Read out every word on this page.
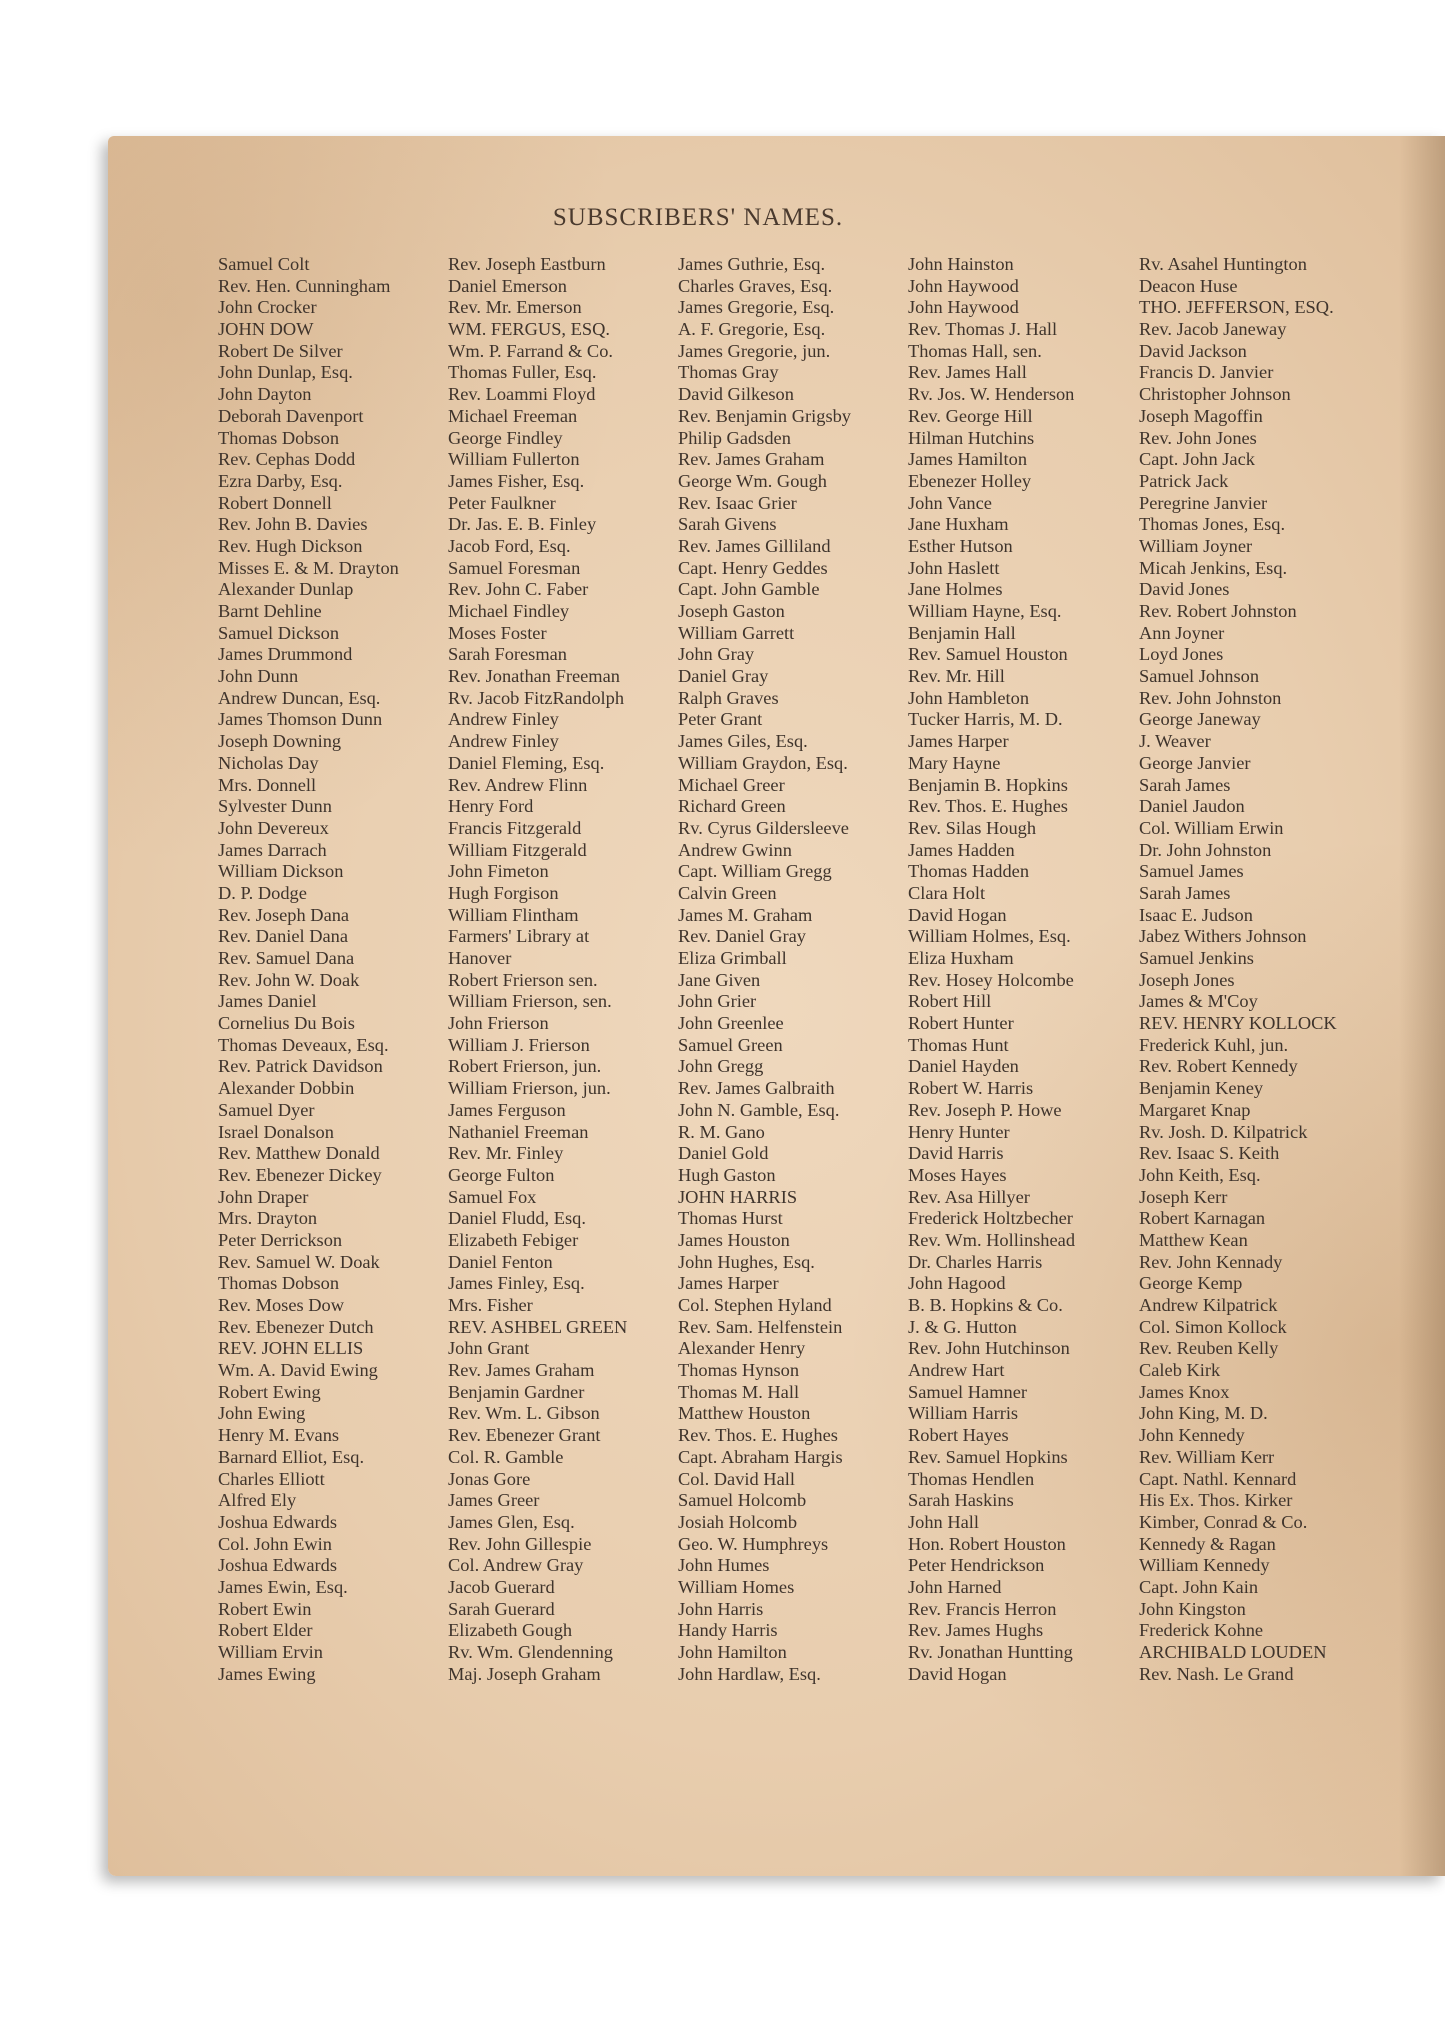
SUBSCRIBERS' NAMES.
Samuel Colt
Rev. Hen. Cunningham
John Crocker
JOHN DOW
Robert De Silver
John Dunlap, Esq.
John Dayton
Deborah Davenport
Thomas Dobson
Rev. Cephas Dodd
Ezra Darby, Esq.
Robert Donnell
Rev. John B. Davies
Rev. Hugh Dickson
Misses E. & M. Drayton
Alexander Dunlap
Barnt Dehline
Samuel Dickson
James Drummond
John Dunn
Andrew Duncan, Esq.
James Thomson Dunn
Joseph Downing
Nicholas Day
Mrs. Donnell
Sylvester Dunn
John Devereux
James Darrach
William Dickson
D. P. Dodge
Rev. Joseph Dana
Rev. Daniel Dana
Rev. Samuel Dana
Rev. John W. Doak
James Daniel
Cornelius Du Bois
Thomas Deveaux, Esq.
Rev. Patrick Davidson
Alexander Dobbin
Samuel Dyer
Israel Donalson
Rev. Matthew Donald
Rev. Ebenezer Dickey
John Draper
Mrs. Drayton
Peter Derrickson
Rev. Samuel W. Doak
Thomas Dobson
Rev. Moses Dow
Rev. Ebenezer Dutch
REV. JOHN ELLIS
Wm. A. David Ewing
Robert Ewing
John Ewing
Henry M. Evans
Barnard Elliot, Esq.
Charles Elliott
Alfred Ely
Joshua Edwards
Col. John Ewin
Joshua Edwards
James Ewin, Esq.
Robert Ewin
Robert Elder
William Ervin
James Ewing
Rev. Joseph Eastburn
Daniel Emerson
Rev. Mr. Emerson
WM. FERGUS, ESQ.
Wm. P. Farrand & Co.
Thomas Fuller, Esq.
Rev. Loammi Floyd
Michael Freeman
George Findley
William Fullerton
James Fisher, Esq.
Peter Faulkner
Dr. Jas. E. B. Finley
Jacob Ford, Esq.
Samuel Foresman
Rev. John C. Faber
Michael Findley
Moses Foster
Sarah Foresman
Rev. Jonathan Freeman
Rv. Jacob FitzRandolph
Andrew Finley
Andrew Finley
Daniel Fleming, Esq.
Rev. Andrew Flinn
Henry Ford
Francis Fitzgerald
William Fitzgerald
John Fimeton
Hugh Forgison
William Flintham
Farmers' Library at
Hanover
Robert Frierson sen.
William Frierson, sen.
John Frierson
William J. Frierson
Robert Frierson, jun.
William Frierson, jun.
James Ferguson
Nathaniel Freeman
Rev. Mr. Finley
George Fulton
Samuel Fox
Daniel Fludd, Esq.
Elizabeth Febiger
Daniel Fenton
James Finley, Esq.
Mrs. Fisher
REV. ASHBEL GREEN
John Grant
Rev. James Graham
Benjamin Gardner
Rev. Wm. L. Gibson
Rev. Ebenezer Grant
Col. R. Gamble
Jonas Gore
James Greer
James Glen, Esq.
Rev. John Gillespie
Col. Andrew Gray
Jacob Guerard
Sarah Guerard
Elizabeth Gough
Rv. Wm. Glendenning
Maj. Joseph Graham
James Guthrie, Esq.
Charles Graves, Esq.
James Gregorie, Esq.
A. F. Gregorie, Esq.
James Gregorie, jun.
Thomas Gray
David Gilkeson
Rev. Benjamin Grigsby
Philip Gadsden
Rev. James Graham
George Wm. Gough
Rev. Isaac Grier
Sarah Givens
Rev. James Gilliland
Capt. Henry Geddes
Capt. John Gamble
Joseph Gaston
William Garrett
John Gray
Daniel Gray
Ralph Graves
Peter Grant
James Giles, Esq.
William Graydon, Esq.
Michael Greer
Richard Green
Rv. Cyrus Gildersleeve
Andrew Gwinn
Capt. William Gregg
Calvin Green
James M. Graham
Rev. Daniel Gray
Eliza Grimball
Jane Given
John Grier
John Greenlee
Samuel Green
John Gregg
Rev. James Galbraith
John N. Gamble, Esq.
R. M. Gano
Daniel Gold
Hugh Gaston
JOHN HARRIS
Thomas Hurst
James Houston
John Hughes, Esq.
James Harper
Col. Stephen Hyland
Rev. Sam. Helfenstein
Alexander Henry
Thomas Hynson
Thomas M. Hall
Matthew Houston
Rev. Thos. E. Hughes
Capt. Abraham Hargis
Col. David Hall
Samuel Holcomb
Josiah Holcomb
Geo. W. Humphreys
John Humes
William Homes
John Harris
Handy Harris
John Hamilton
John Hardlaw, Esq.
John Hainston
John Haywood
John Haywood
Rev. Thomas J. Hall
Thomas Hall, sen.
Rev. James Hall
Rv. Jos. W. Henderson
Rev. George Hill
Hilman Hutchins
James Hamilton
Ebenezer Holley
John Vance
Jane Huxham
Esther Hutson
John Haslett
Jane Holmes
William Hayne, Esq.
Benjamin Hall
Rev. Samuel Houston
Rev. Mr. Hill
John Hambleton
Tucker Harris, M. D.
James Harper
Mary Hayne
Benjamin B. Hopkins
Rev. Thos. E. Hughes
Rev. Silas Hough
James Hadden
Thomas Hadden
Clara Holt
David Hogan
William Holmes, Esq.
Eliza Huxham
Rev. Hosey Holcombe
Robert Hill
Robert Hunter
Thomas Hunt
Daniel Hayden
Robert W. Harris
Rev. Joseph P. Howe
Henry Hunter
David Harris
Moses Hayes
Rev. Asa Hillyer
Frederick Holtzbecher
Rev. Wm. Hollinshead
Dr. Charles Harris
John Hagood
B. B. Hopkins & Co.
J. & G. Hutton
Rev. John Hutchinson
Andrew Hart
Samuel Hamner
William Harris
Robert Hayes
Rev. Samuel Hopkins
Thomas Hendlen
Sarah Haskins
John Hall
Hon. Robert Houston
Peter Hendrickson
John Harned
Rev. Francis Herron
Rev. James Hughs
Rv. Jonathan Huntting
David Hogan
Rv. Asahel Huntington
Deacon Huse
THO. JEFFERSON, ESQ.
Rev. Jacob Janeway
David Jackson
Francis D. Janvier
Christopher Johnson
Joseph Magoffin
Rev. John Jones
Capt. John Jack
Patrick Jack
Peregrine Janvier
Thomas Jones, Esq.
William Joyner
Micah Jenkins, Esq.
David Jones
Rev. Robert Johnston
Ann Joyner
Loyd Jones
Samuel Johnson
Rev. John Johnston
George Janeway
J. Weaver
George Janvier
Sarah James
Daniel Jaudon
Col. William Erwin
Dr. John Johnston
Samuel James
Sarah James
Isaac E. Judson
Jabez Withers Johnson
Samuel Jenkins
Joseph Jones
James & M'Coy
REV. HENRY KOLLOCK
Frederick Kuhl, jun.
Rev. Robert Kennedy
Benjamin Keney
Margaret Knap
Rv. Josh. D. Kilpatrick
Rev. Isaac S. Keith
John Keith, Esq.
Joseph Kerr
Robert Karnagan
Matthew Kean
Rev. John Kennady
George Kemp
Andrew Kilpatrick
Col. Simon Kollock
Rev. Reuben Kelly
Caleb Kirk
James Knox
John King, M. D.
John Kennedy
Rev. William Kerr
Capt. Nathl. Kennard
His Ex. Thos. Kirker
Kimber, Conrad & Co.
Kennedy & Ragan
William Kennedy
Capt. John Kain
John Kingston
Frederick Kohne
ARCHIBALD LOUDEN
Rev. Nash. Le Grand
